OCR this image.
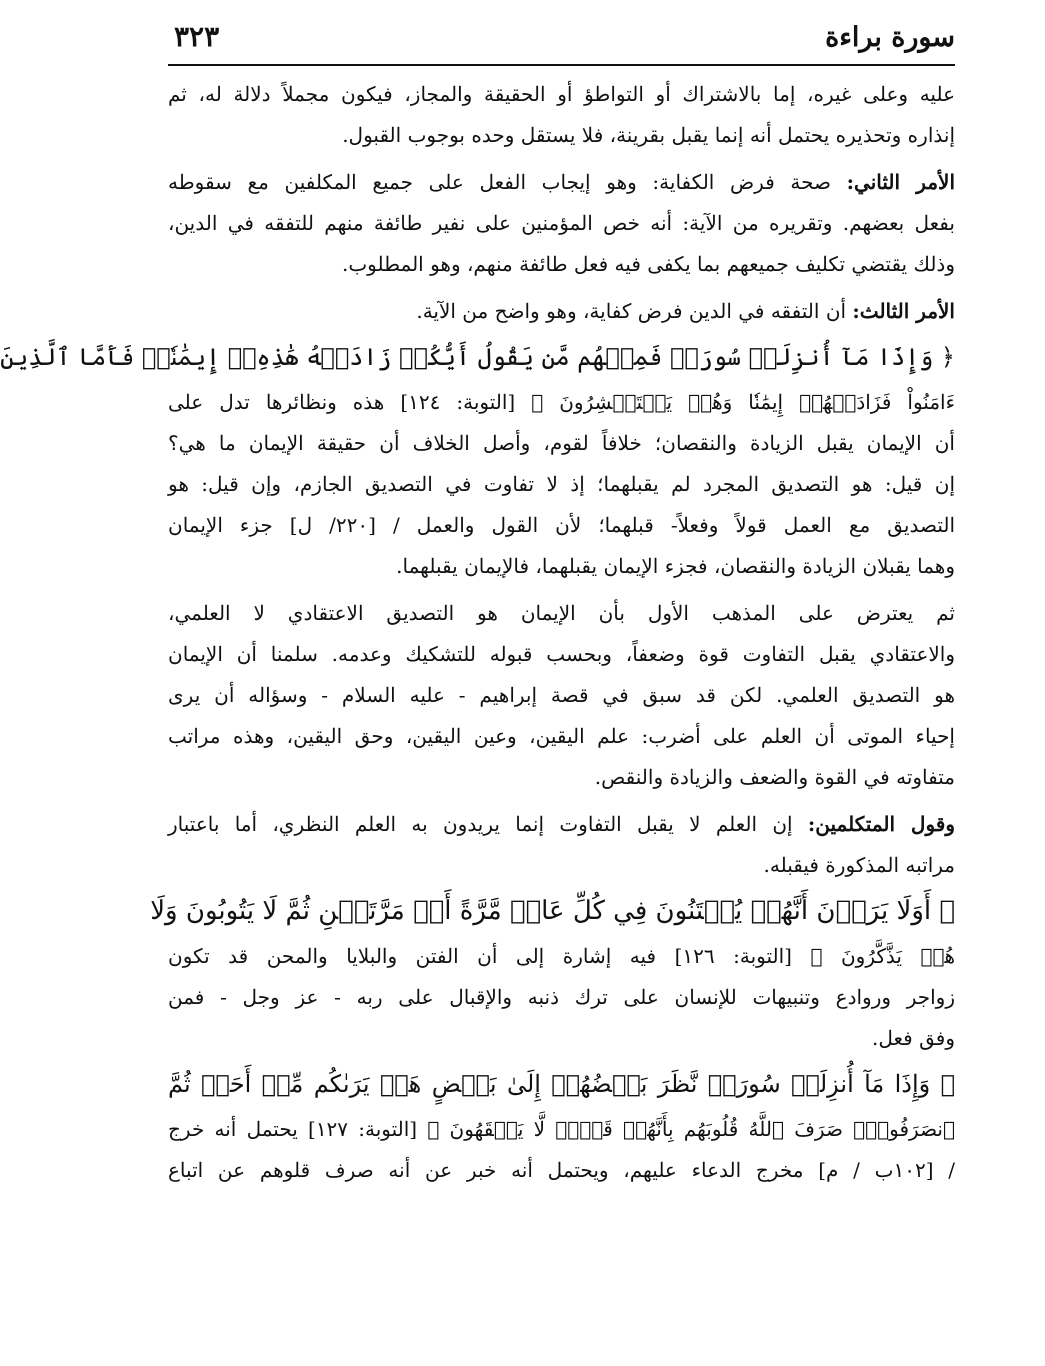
سورة براءة
٣٢٣
عليه وعلى غيره، إما بالاشتراك أو التواطؤ أو الحقيقة والمجاز، فيكون مجملاً دلالة له، ثم
إنذاره وتحذيره يحتمل أنه إنما يقبل بقرينة، فلا يستقل وحده بوجوب القبول.
الأمر الثاني: صحة فرض الكفاية: وهو إيجاب الفعل على جميع المكلفين مع سقوطه
بفعل بعضهم. وتقريره من الآية: أنه خص المؤمنين على نفير طائفة منهم للتفقه في الدين،
وذلك يقتضي تكليف جميعهم بما يكفى فيه فعل طائفة منهم، وهو المطلوب.
الأمر الثالث: أن التفقه في الدين فرض كفاية، وهو واضح من الآية.
﴿ وَإِذَا مَآ أُنزِلَتۡ سُورَةٞ فَمِنۡهُم مَّن يَقُولُ أَيُّكُمۡ زَادَتۡهُ هَٰذِهِۦٓ إِيمَٰنٗاۚ فَأَمَّا ٱلَّذِينَ
ءَامَنُواْ فَزَادَتۡهُمۡ إِيمَٰنٗا وَهُمۡ يَسۡتَبۡشِرُونَ ﴾ [التوبة: ١٢٤] هذه ونظائرها تدل على
أن الإيمان يقبل الزيادة والنقصان؛ خلافاً لقوم، وأصل الخلاف أن حقيقة الإيمان ما هي؟
إن قيل: هو التصديق المجرد لم يقبلهما؛ إذ لا تفاوت في التصديق الجازم، وإن قيل: هو
التصديق مع العمل قولاً وفعلاً- قبلهما؛ لأن القول والعمل / [٢٢٠/ ل] جزء الإيمان
وهما يقبلان الزيادة والنقصان، فجزء الإيمان يقبلهما، فالإيمان يقبلهما.
ثم يعترض على المذهب الأول بأن الإيمان هو التصديق الاعتقادي لا العلمي،
والاعتقادي يقبل التفاوت قوة وضعفاً، وبحسب قبوله للتشكيك وعدمه. سلمنا أن الإيمان
هو التصديق العلمي. لكن قد سبق في قصة إبراهيم - عليه السلام - وسؤاله أن يرى
إحياء الموتى أن العلم على أضرب: علم اليقين، وعين اليقين، وحق اليقين، وهذه مراتب
متفاوته في القوة والضعف والزيادة والنقص.
وقول المتكلمين: إن العلم لا يقبل التفاوت إنما يريدون به العلم النظري، أما باعتبار
مراتبه المذكورة فيقبله.
﴿ أَوَلَا يَرَوۡنَ أَنَّهُمۡ يُفۡتَنُونَ فِي كُلِّ عَامٖ مَّرَّةً أَوۡ مَرَّتَيۡنِ ثُمَّ لَا يَتُوبُونَ وَلَا
هُمۡ يَذَّكَّرُونَ ﴾ [التوبة: ١٢٦] فيه إشارة إلى أن الفتن والبلايا والمحن قد تكون
زواجر وروادع وتنبيهات للإنسان على ترك ذنبه والإقبال على ربه - عز وجل - فمن
وفق فعل.
﴿ وَإِذَا مَآ أُنزِلَتۡ سُورَةٞ نَّظَرَ بَعۡضُهُمۡ إِلَىٰ بَعۡضٍ هَلۡ يَرَىٰكُم مِّنۡ أَحَدٖ ثُمَّ
ٱنصَرَفُواْۚ صَرَفَ ٱللَّهُ قُلُوبَهُم بِأَنَّهُمۡ قَوۡمٞ لَّا يَفۡقَهُونَ ﴾ [التوبة: ١٢٧] يحتمل أنه خرج
/ [١٠٢ب / م] مخرج الدعاء عليهم، ويحتمل أنه خبر عن أنه صرف قلوهم عن اتباع
